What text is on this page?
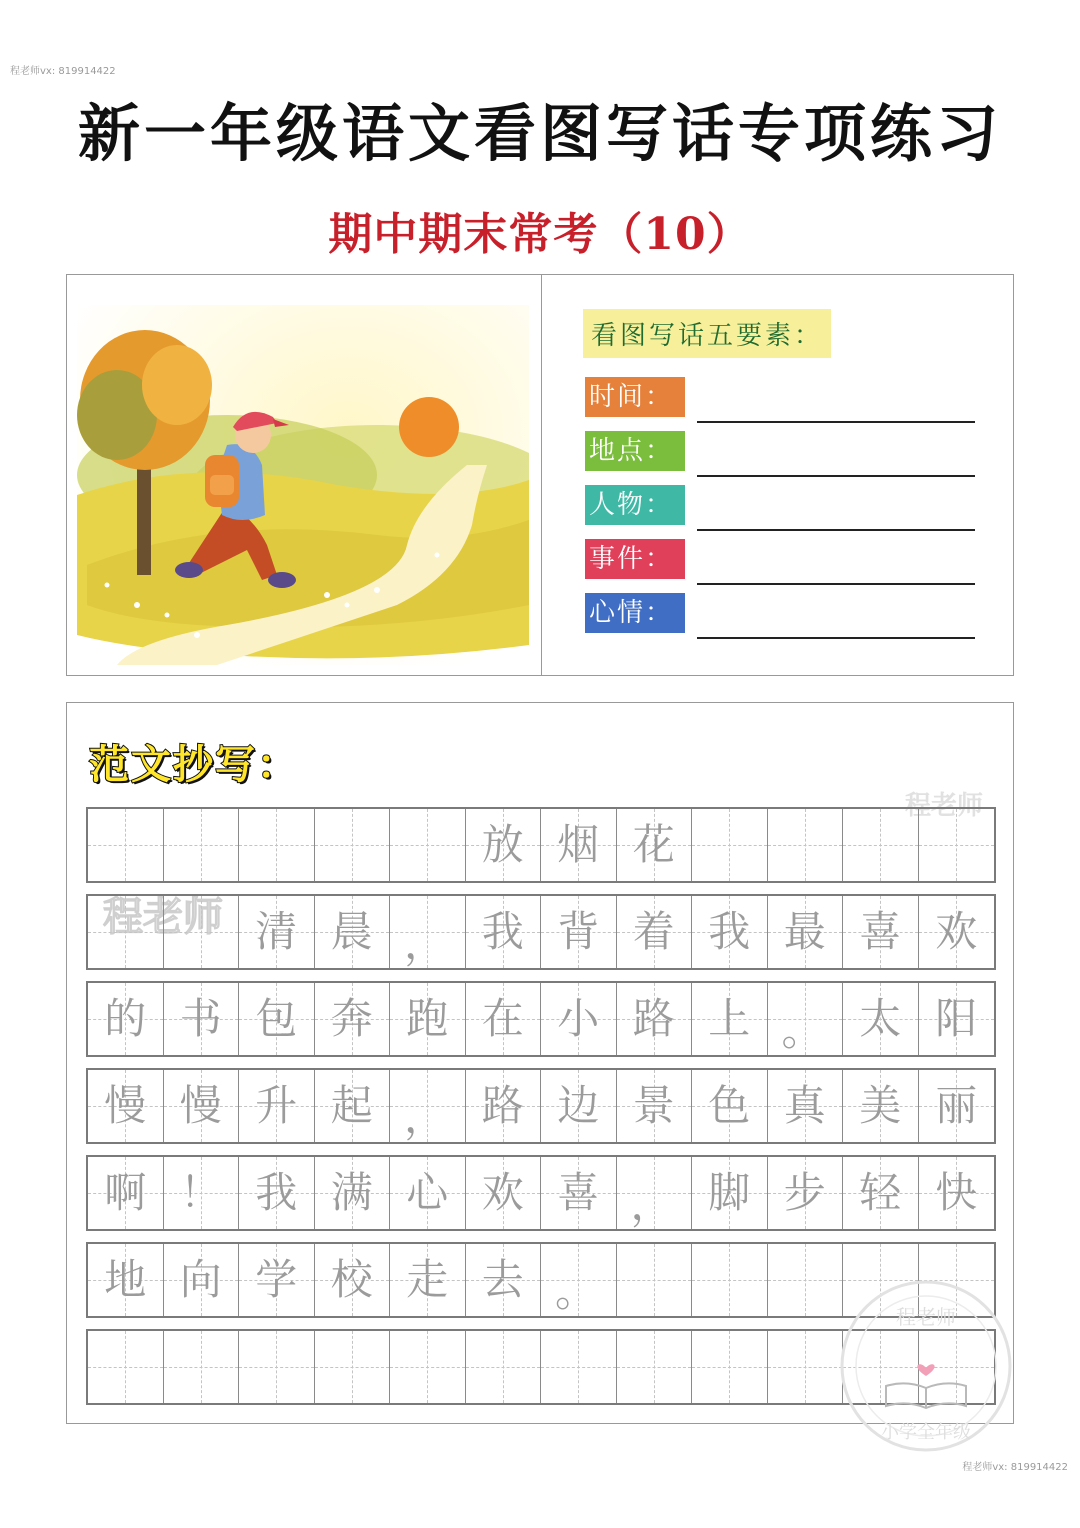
程老师vx: 819914422
新一年级语文看图写话专项练习
期中期末常考（10）
程老师
看图写话五要素：
时间：
地点：
人物：
事件：
心情：
范文抄写：
程老师
放 烟 花
清 晨 ， 我 背 着 我 最 喜 欢
的 书 包 奔 跑 在 小 路 上 。 太 阳
慢 慢 升 起 ， 路 边 景 色 真 美 丽
啊 ！ 我 满 心 欢 喜 ， 脚 步 轻 快
地 向 学 校 走 去 。
程老师
小学全年级
程老师vx: 819914422
